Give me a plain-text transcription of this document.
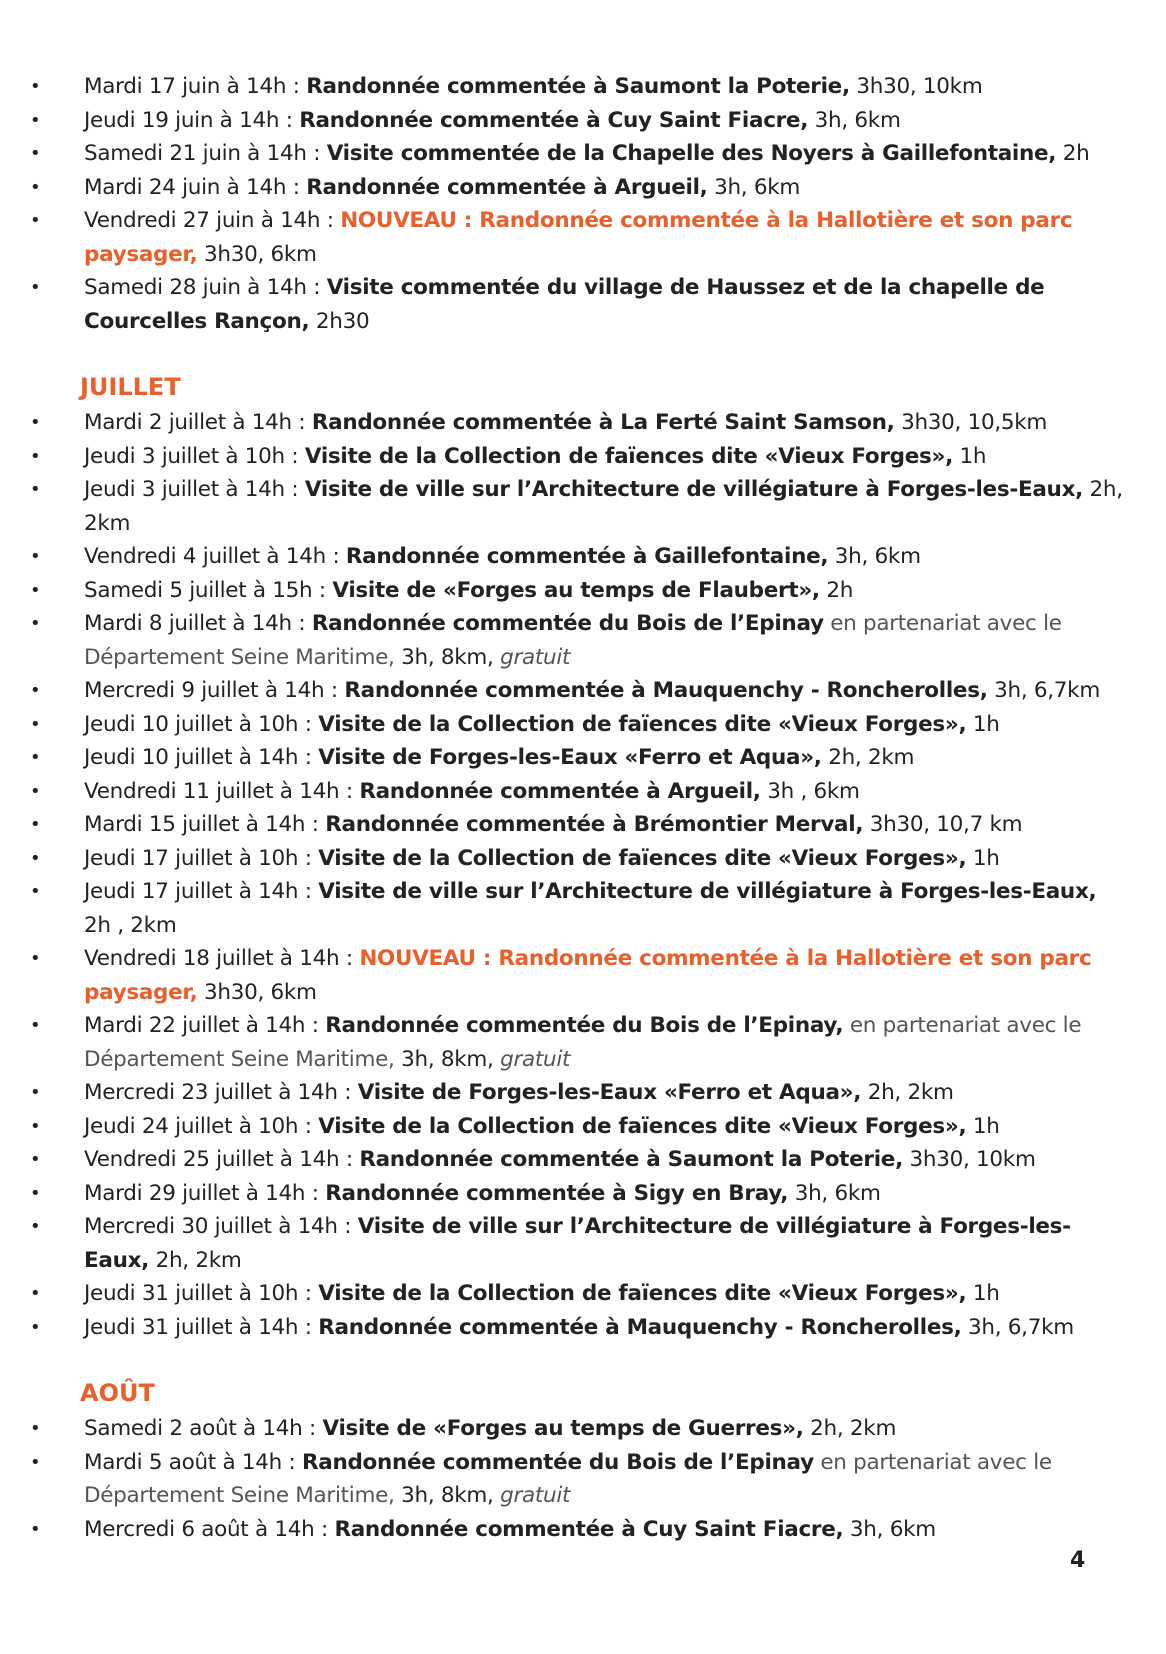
• Mardi 17 juin à 14h : Randonnée commentée à Saumont la Poterie, 3h30, 10km
• Jeudi 19 juin à 14h : Randonnée commentée à Cuy Saint Fiacre, 3h, 6km
• Samedi 21 juin à 14h : Visite commentée de la Chapelle des Noyers à Gaillefontaine, 2h
• Mardi 24 juin à 14h : Randonnée commentée à Argueil, 3h, 6km
• Vendredi 27 juin à 14h : NOUVEAU : Randonnée commentée à la Hallotière et son parc paysager, 3h30, 6km
• Samedi 28 juin à 14h : Visite commentée du village de Haussez et de la chapelle de Courcelles Rançon, 2h30
JUILLET
• Mardi 2 juillet à 14h : Randonnée commentée à La Ferté Saint Samson, 3h30, 10,5km
• Jeudi 3 juillet à 10h : Visite de la Collection de faïences dite «Vieux Forges», 1h
• Jeudi 3 juillet à 14h : Visite de ville sur l’Architecture de villégiature à Forges-les-Eaux, 2h, 2km
• Vendredi 4 juillet à 14h : Randonnée commentée à Gaillefontaine, 3h, 6km
• Samedi 5 juillet à 15h : Visite de «Forges au temps de Flaubert», 2h
• Mardi 8 juillet à 14h : Randonnée commentée du Bois de l’Epinay en partenariat avec le Département Seine Maritime, 3h, 8km, gratuit
• Mercredi 9 juillet à 14h : Randonnée commentée à Mauquenchy - Roncherolles, 3h, 6,7km
• Jeudi 10 juillet à 10h : Visite de la Collection de faïences dite «Vieux Forges», 1h
• Jeudi 10 juillet à 14h : Visite de Forges-les-Eaux «Ferro et Aqua», 2h, 2km
• Vendredi 11 juillet à 14h : Randonnée commentée à Argueil, 3h , 6km
• Mardi 15 juillet à 14h : Randonnée commentée à Brémontier Merval, 3h30, 10,7 km
• Jeudi 17 juillet à 10h : Visite de la Collection de faïences dite «Vieux Forges», 1h
• Jeudi 17 juillet à 14h : Visite de ville sur l’Architecture de villégiature à Forges-les-Eaux, 2h , 2km
• Vendredi 18 juillet à 14h : NOUVEAU : Randonnée commentée à la Hallotière et son parc paysager, 3h30, 6km
• Mardi 22 juillet à 14h : Randonnée commentée du Bois de l’Epinay, en partenariat avec le Département Seine Maritime, 3h, 8km, gratuit
• Mercredi 23 juillet à 14h : Visite de Forges-les-Eaux «Ferro et Aqua», 2h, 2km
• Jeudi 24 juillet à 10h : Visite de la Collection de faïences dite «Vieux Forges», 1h
• Vendredi 25 juillet à 14h : Randonnée commentée à Saumont la Poterie, 3h30, 10km
• Mardi 29 juillet à 14h : Randonnée commentée à Sigy en Bray, 3h, 6km
• Mercredi 30 juillet à 14h : Visite de ville sur l’Architecture de villégiature à Forges-les-Eaux, 2h, 2km
• Jeudi 31 juillet à 10h : Visite de la Collection de faïences dite «Vieux Forges», 1h
• Jeudi 31 juillet à 14h : Randonnée commentée à Mauquenchy - Roncherolles, 3h, 6,7km
AOÛT
• Samedi 2 août à 14h : Visite de «Forges au temps de Guerres», 2h, 2km
• Mardi 5 août à 14h : Randonnée commentée du Bois de l’Epinay en partenariat avec le Département Seine Maritime, 3h, 8km, gratuit
• Mercredi 6 août à 14h : Randonnée commentée à Cuy Saint Fiacre, 3h, 6km
4
